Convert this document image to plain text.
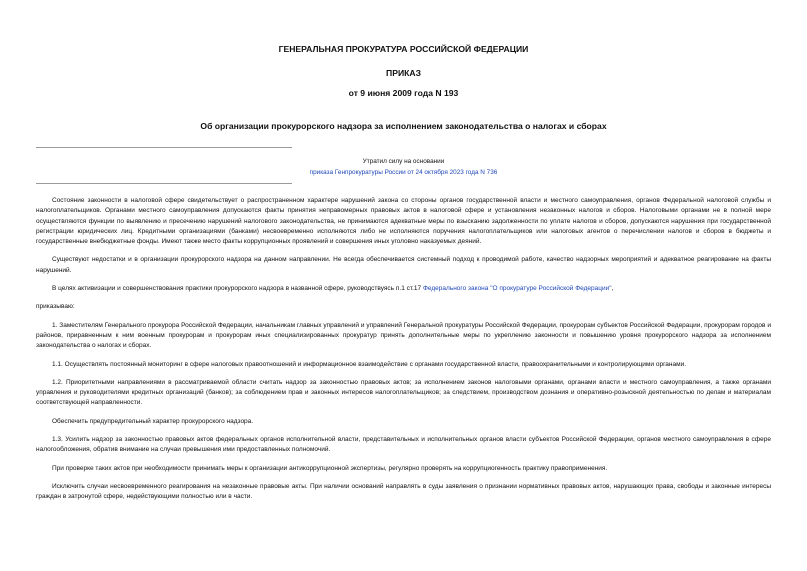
ГЕНЕРАЛЬНАЯ ПРОКУРАТУРА РОССИЙСКОЙ ФЕДЕРАЦИИ
ПРИКАЗ
от 9 июня 2009 года N 193
Об организации прокурорского надзора за исполнением законодательства о налогах и сборах
Утратил силу на основании
приказа Генпрокуратуры России от 24 октября 2023 года N 736

Состояние законности в налоговой сфере свидетельствует о распространенном характере нарушений закона со стороны органов государственной власти и местного самоуправления, органов Федеральной налоговой службы и налогоплательщиков. Органами местного самоуправления допускаются факты принятия неправомерных правовых актов в налоговой сфере и установления незаконных налогов и сборов. Налоговыми органами не в полной мере осуществляются функции по выявлению и пресечению нарушений налогового законодательства, не принимаются адекватные меры по взысканию задолженности по уплате налогов и сборов, допускаются нарушения при государственной регистрации юридических лиц. Кредитными организациями (банками) несвоевременно исполняются либо не исполняются поручения налогоплательщиков или налоговых агентов о перечислении налогов и сборов в бюджеты и государственные внебюджетные фонды. Имеют также место факты коррупционных проявлений и совершения иных уголовно наказуемых деяний.

Существуют недостатки и в организации прокурорского надзора на данном направлении. Не всегда обеспечивается системный подход к проводимой работе, качество надзорных мероприятий и адекватное реагирование на факты нарушений.

В целях активизации и совершенствования практики прокурорского надзора в названной сфере, руководствуясь п.1 ст.17 Федерального закона "О прокуратуре Российской Федерации",

приказываю:

1. Заместителям Генерального прокурора Российской Федерации, начальникам главных управлений и управлений Генеральной прокуратуры Российской Федерации, прокурорам субъектов Российской Федерации, прокурорам городов и районов, приравненным к ним военным прокурорам и прокурорам иных специализированных прокуратур принять дополнительные меры по укреплению законности и повышению уровня прокурорского надзора за исполнением законодательства о налогах и сборах.

1.1. Осуществлять постоянный мониторинг в сфере налоговых правоотношений и информационное взаимодействие с органами государственной власти, правоохранительными и контролирующими органами.

1.2. Приоритетными направлениями в рассматриваемой области считать надзор за законностью правовых актов; за исполнением законов налоговыми органами, органами власти и местного самоуправления, а также органами управления и руководителями кредитных организаций (банков); за соблюдением прав и законных интересов налогоплательщиков; за следствием, производством дознания и оперативно-розыскной деятельностью по делам и материалам соответствующей направленности.

Обеспечить предупредительный характер прокурорского надзора.

1.3. Усилить надзор за законностью правовых актов федеральных органов исполнительной власти, представительных и исполнительных органов власти субъектов Российской Федерации, органов местного самоуправления в сфере налогообложения, обратив внимание на случаи превышения ими предоставленных полномочий.

При проверке таких актов при необходимости принимать меры к организации антикоррупционной экспертизы, регулярно проверять на коррупциогенность практику правоприменения.

Исключить случаи несвоевременного реагирования на незаконные правовые акты. При наличии оснований направлять в суды заявления о признании нормативных правовых актов, нарушающих права, свободы и законные интересы граждан в затронутой сфере, недействующими полностью или в части.
